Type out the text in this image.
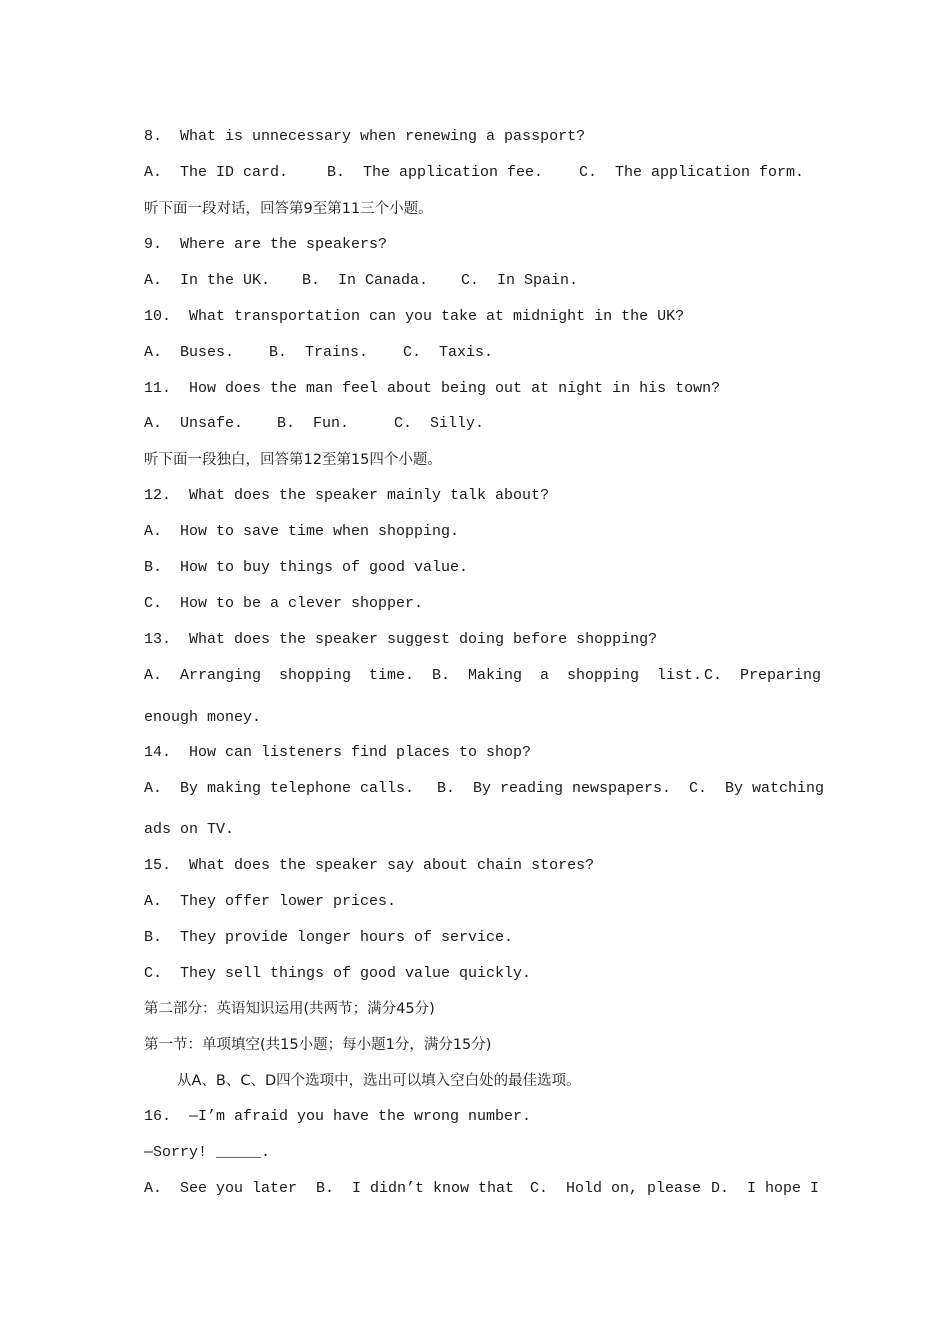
8.  What is unnecessary when renewing a passport?
A.  The ID card.	B.  The application fee. C.  The application form.
听下面一段对话，回答第9至第11三个小题。
9.  Where are the speakers?
A.  In the UK. B.  In Canada. C.  In Spain.
10.  What transportation can you take at midnight in the UK?
A.  Buses. B.  Trains. C.  Taxis.
11.  How does the man feel about being out at night in his town?
A.  Unsafe. B.  Fun.	C.  Silly.
听下面一段独白，回答第12至第15四个小题。
12.  What does the speaker mainly talk about?
A.  How to save time when shopping.
B.  How to buy things of good value.
C.  How to be a clever shopper.
13.  What does the speaker suggest doing before shopping?
A.  Arranging  shopping  time. B.  Making  a  shopping  list. C.  Preparing
enough money.
14.  How can listeners find places to shop?
A.  By making telephone calls. B.  By reading newspapers. C.  By watching
ads on TV.
15.  What does the speaker say about chain stores?
A.  They offer lower prices.
B.  They provide longer hours of service.
C.  They sell things of good value quickly.
第二部分：英语知识运用(共两节；满分45分)
第一节：单项填空(共15小题；每小题1分，满分15分)
从A、B、C、D四个选项中，选出可以填入空白处的最佳选项。
16.  —I’m afraid you have the wrong number.
—Sorry! _____.
A.  See you later B.  I didn’t know that C.  Hold on, please D.  I hope I
